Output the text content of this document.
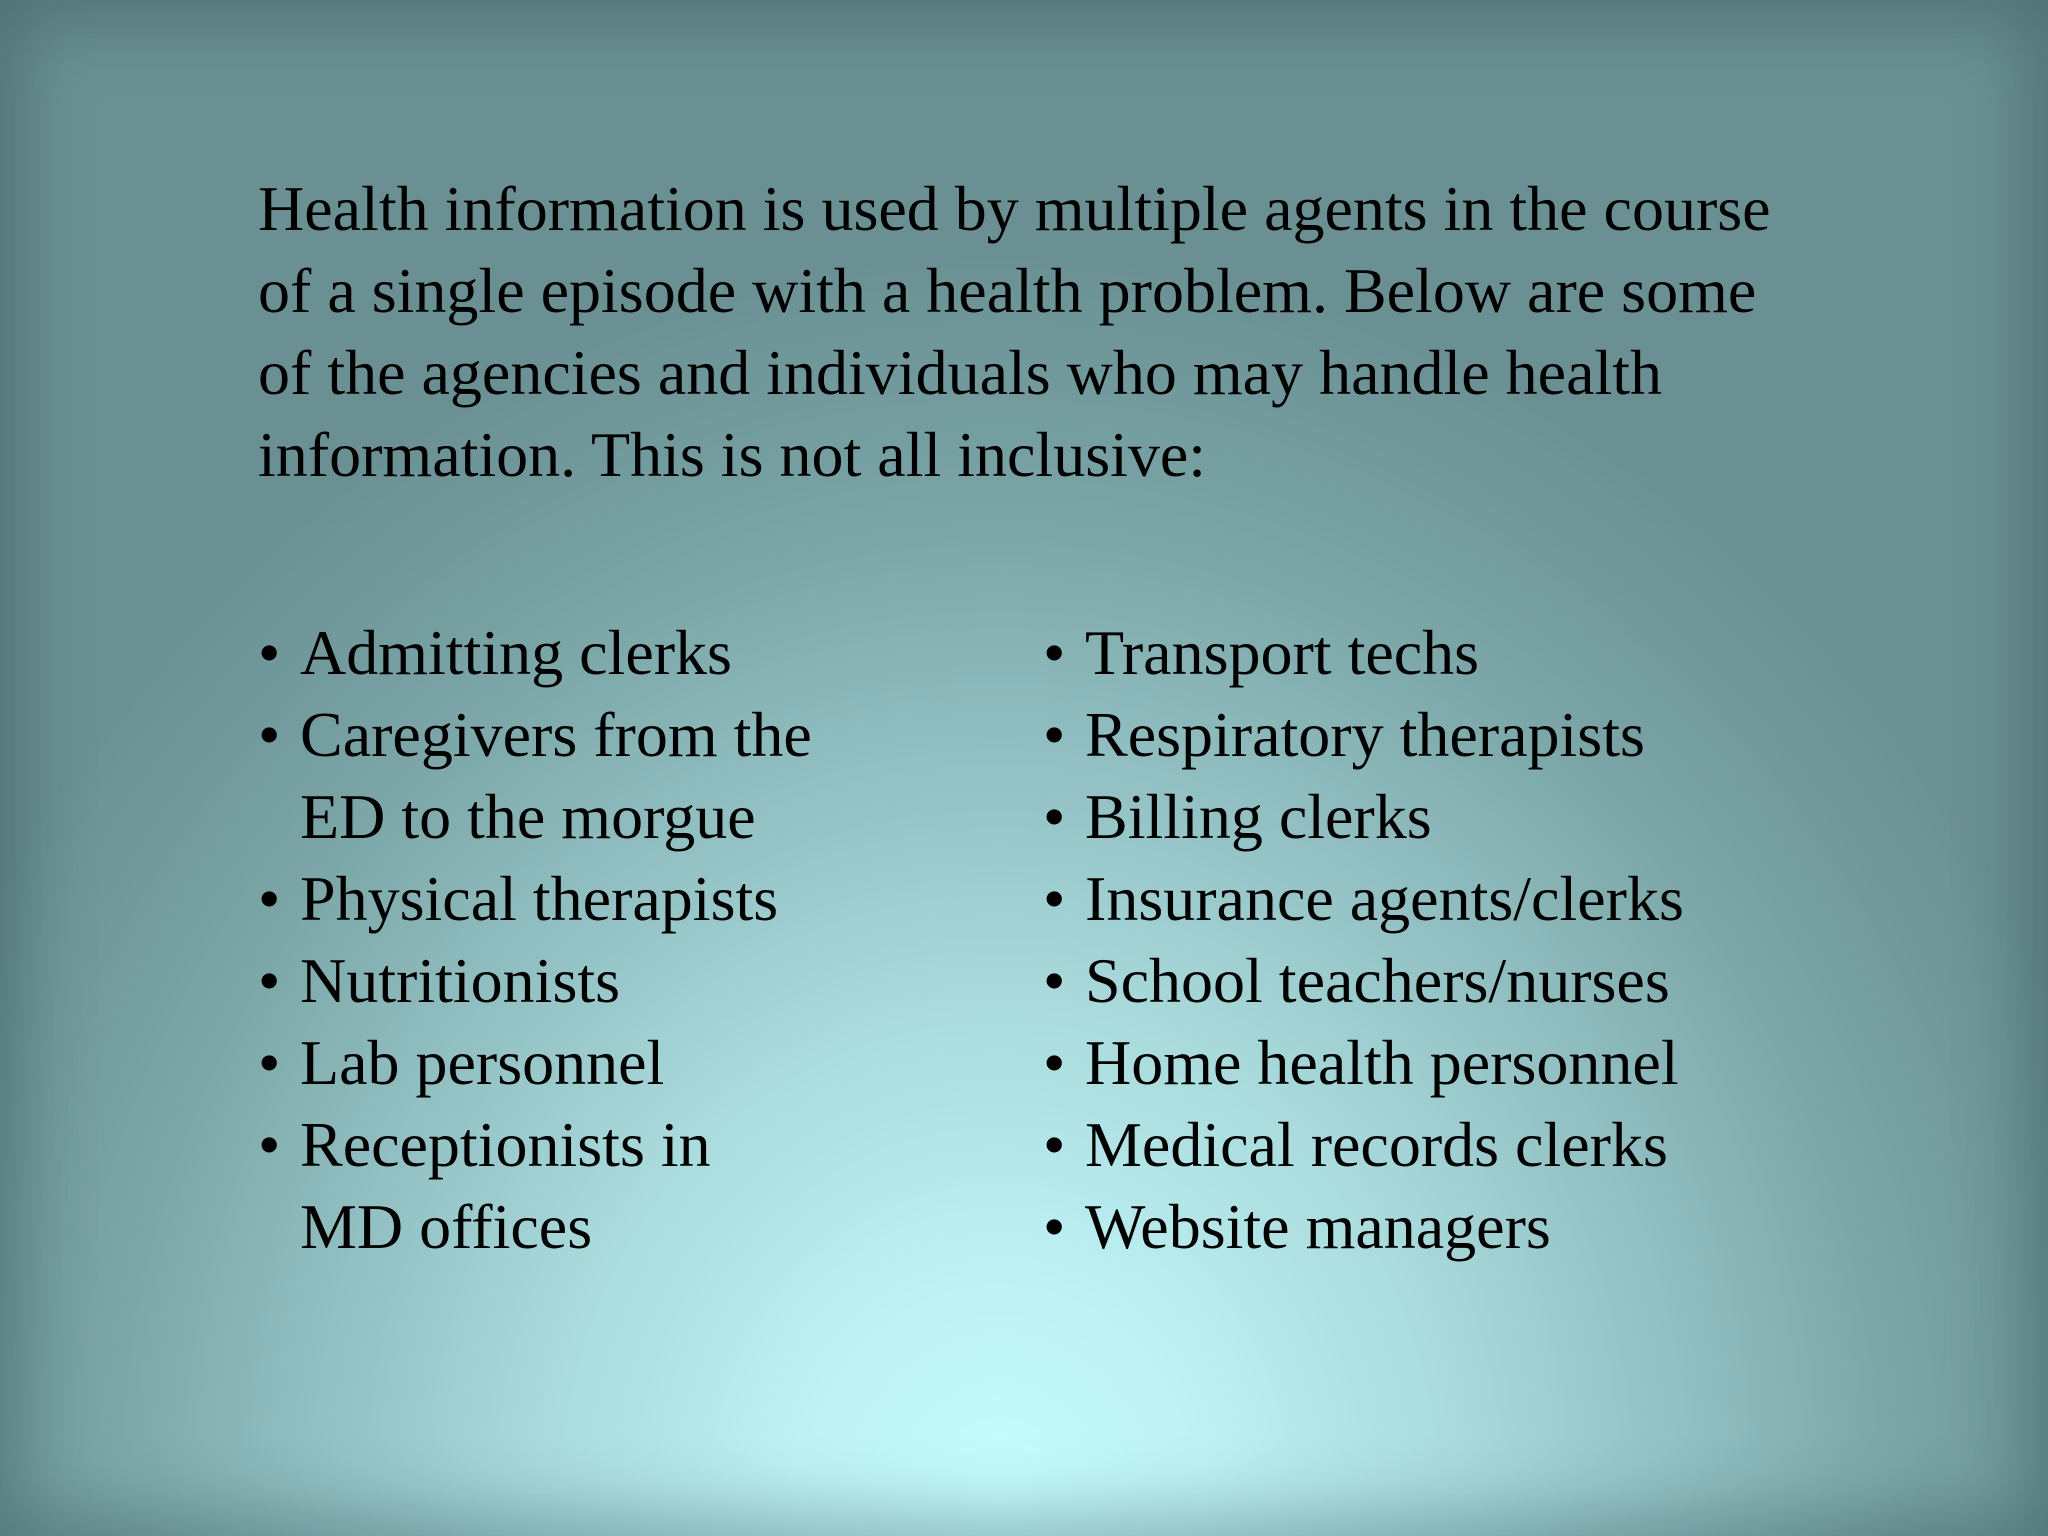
Health information is used by multiple agents in the course of a single episode with a health problem. Below are some of the agencies and individuals who may handle health information. This is not all inclusive:

• Admitting clerks
• Caregivers from the
ED to the morgue
• Physical therapists
• Nutritionists
• Lab personnel
• Receptionists in
MD offices
• Transport techs
• Respiratory therapists
• Billing clerks
• Insurance agents/clerks
• School teachers/nurses
• Home health personnel
• Medical records clerks
• Website managers
